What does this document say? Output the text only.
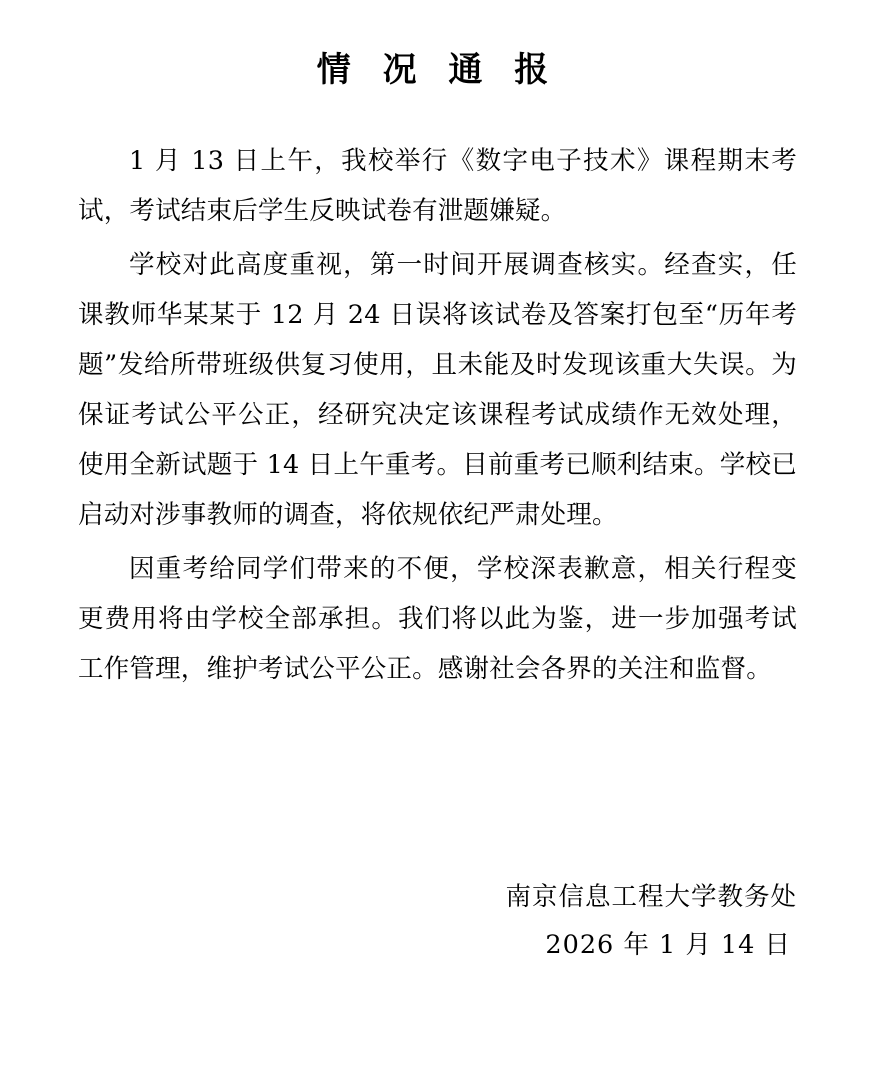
情 况 通 报

1 月 13 日上午，我校举行《数字电子技术》课程期末考试，考试结束后学生反映试卷有泄题嫌疑。

学校对此高度重视，第一时间开展调查核实。经查实，任课教师华某某于 12 月 24 日误将该试卷及答案打包至“历年考题”发给所带班级供复习使用，且未能及时发现该重大失误。为保证考试公平公正，经研究决定该课程考试成绩作无效处理，使用全新试题于 14 日上午重考。目前重考已顺利结束。学校已启动对涉事教师的调查，将依规依纪严肃处理。

因重考给同学们带来的不便，学校深表歉意，相关行程变更费用将由学校全部承担。我们将以此为鉴，进一步加强考试工作管理，维护考试公平公正。感谢社会各界的关注和监督。

南京信息工程大学教务处
2026 年 1 月 14 日
